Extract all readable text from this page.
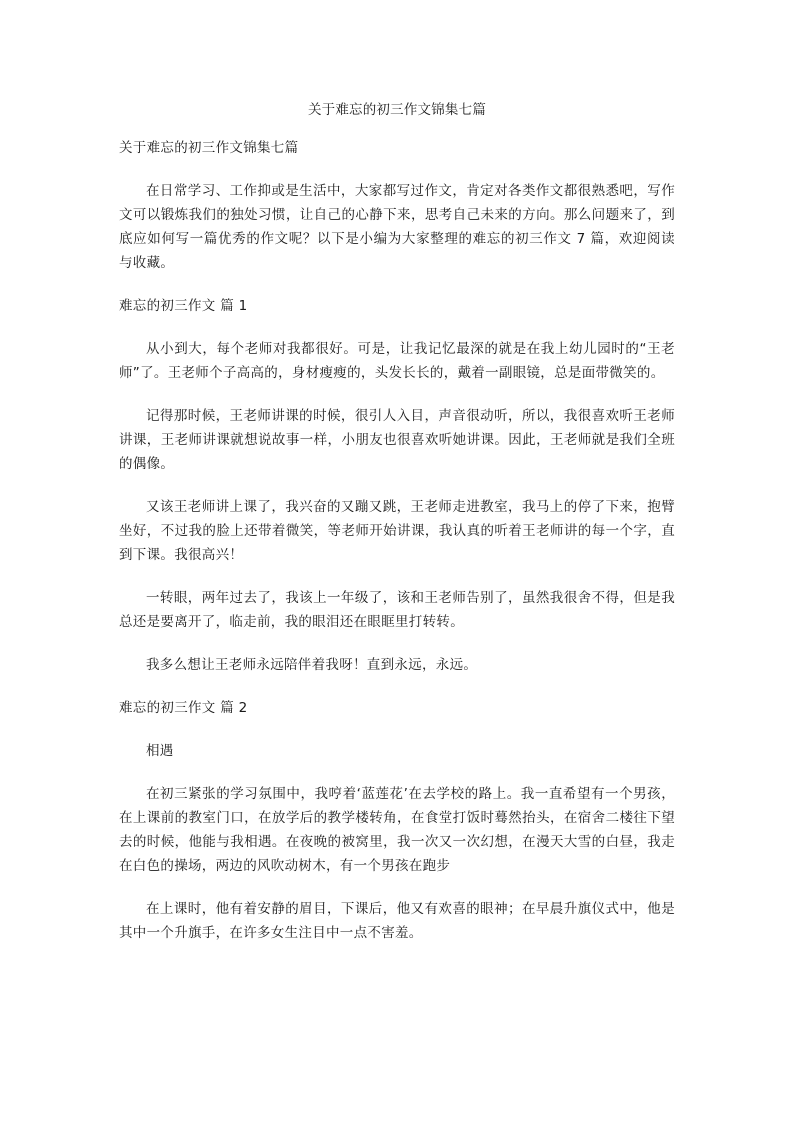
关于难忘的初三作文锦集七篇

关于难忘的初三作文锦集七篇

在日常学习、工作抑或是生活中，大家都写过作文，肯定对各类作文都很熟悉吧，写作文可以锻炼我们的独处习惯，让自己的心静下来，思考自己未来的方向。那么问题来了，到底应如何写一篇优秀的作文呢？以下是小编为大家整理的难忘的初三作文 7 篇，欢迎阅读与收藏。

难忘的初三作文 篇 1

从小到大，每个老师对我都很好。可是，让我记忆最深的就是在我上幼儿园时的“王老师”了。王老师个子高高的，身材瘦瘦的，头发长长的，戴着一副眼镜，总是面带微笑的。

记得那时候，王老师讲课的时候，很引人入目，声音很动听，所以，我很喜欢听王老师讲课，王老师讲课就想说故事一样，小朋友也很喜欢听她讲课。因此，王老师就是我们全班的偶像。

又该王老师讲上课了，我兴奋的又蹦又跳，王老师走进教室，我马上的停了下来，抱臂坐好，不过我的脸上还带着微笑，等老师开始讲课，我认真的听着王老师讲的每一个字，直到下课。我很高兴！

一转眼，两年过去了，我该上一年级了，该和王老师告别了，虽然我很舍不得，但是我总还是要离开了，临走前，我的眼泪还在眼眶里打转转。

我多么想让王老师永远陪伴着我呀！直到永远，永远。

难忘的初三作文 篇 2

相遇

在初三紧张的学习氛围中，我哼着‘蓝莲花’在去学校的路上。我一直希望有一个男孩，在上课前的教室门口，在放学后的教学楼转角，在食堂打饭时蓦然抬头，在宿舍二楼往下望去的时候，他能与我相遇。在夜晚的被窝里，我一次又一次幻想，在漫天大雪的白昼，我走在白色的操场，两边的风吹动树木，有一个男孩在跑步

在上课时，他有着安静的眉目，下课后，他又有欢喜的眼神；在早晨升旗仪式中，他是其中一个升旗手，在许多女生注目中一点不害羞。
